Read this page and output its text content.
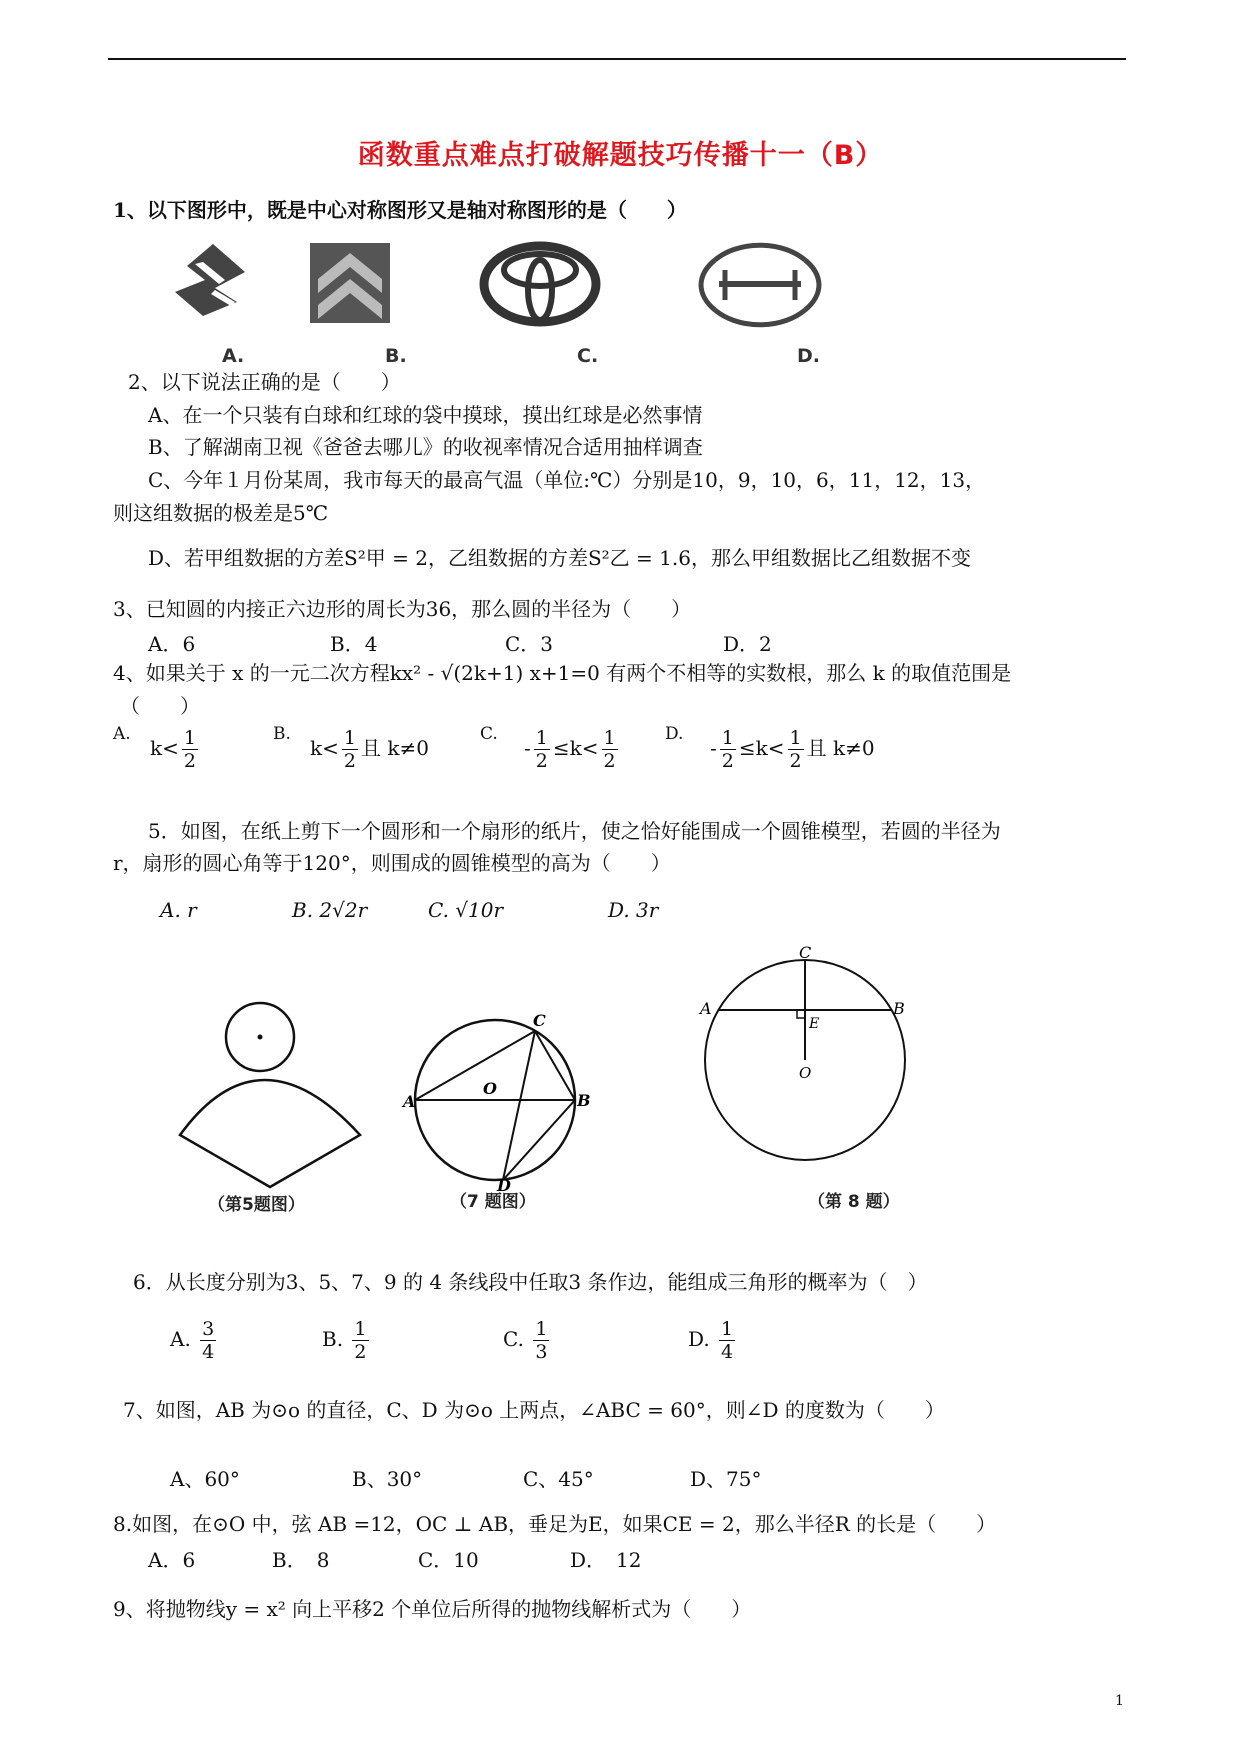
函数重点难点打破解题技巧传播十一（B）
1、以下图形中，既是中心对称图形又是轴对称图形的是（　　）
A.	B.	C.	D.
2、以下说法正确的是（　　）
A、在一个只装有白球和红球的袋中摸球，摸出红球是必然事情
B、了解湖南卫视《爸爸去哪儿》的收视率情况合适用抽样调查
C、今年１月份某周，我市每天的最高气温（单位:℃）分别是10，9，10，6，11，12，13，
则这组数据的极差是5℃
D、若甲组数据的方差S²甲 = 2，乙组数据的方差S²乙 = 1.6，那么甲组数据比乙组数据不变
3、已知圆的内接正六边形的周长为36，那么圆的半径为（　　）
A．6	B．4	C．3	D．2
4、如果关于 x 的一元二次方程kx² - √(2k+1) x+1=0 有两个不相等的实数根，那么 k 的取值范围是
（　　）
A.
$k< \frac{1}{2}$	B.
$k< \frac{1}{2}$ 且 k≠0
C.
- $\frac{1}{2} \le k< \frac{1}{2}$	D.
- $\frac{1}{2} \le k< \frac{1}{2}$ 且 k≠0
5．如图，在纸上剪下一个圆形和一个扇形的纸片，使之恰好能围成一个圆锥模型，若圆的半径为
r，扇形的圆心角等于120°，则围成的圆锥模型的高为（　　）
A. r	B. 2√2r	C. √10r	D. 3r
（第5题图）
A	B
C
D
O
（7 题图）
A	B
C
E
O
（第 8 题）
6．从长度分别为3、5、7、9 的 4 条线段中任取3 条作边，能组成三角形的概率为（　）
A. $\frac{3}{4}$	B. $\frac{1}{2}$	C. $\frac{1}{3}$	D. $\frac{1}{4}$
7、如图，AB 为⊙o 的直径，C、D 为⊙o 上两点，∠ABC = 60°，则∠D 的度数为（　　）
A、60°	B、30°	C、45°	D、75°
8.如图，在⊙O 中，弦 AB =12，OC ⊥ AB，垂足为E，如果CE = 2，那么半径R 的长是（　　）
A．6	B．　8	C．10	D．　12
9、将抛物线y = x² 向上平移2 个单位后所得的抛物线解析式为（　　）
1
